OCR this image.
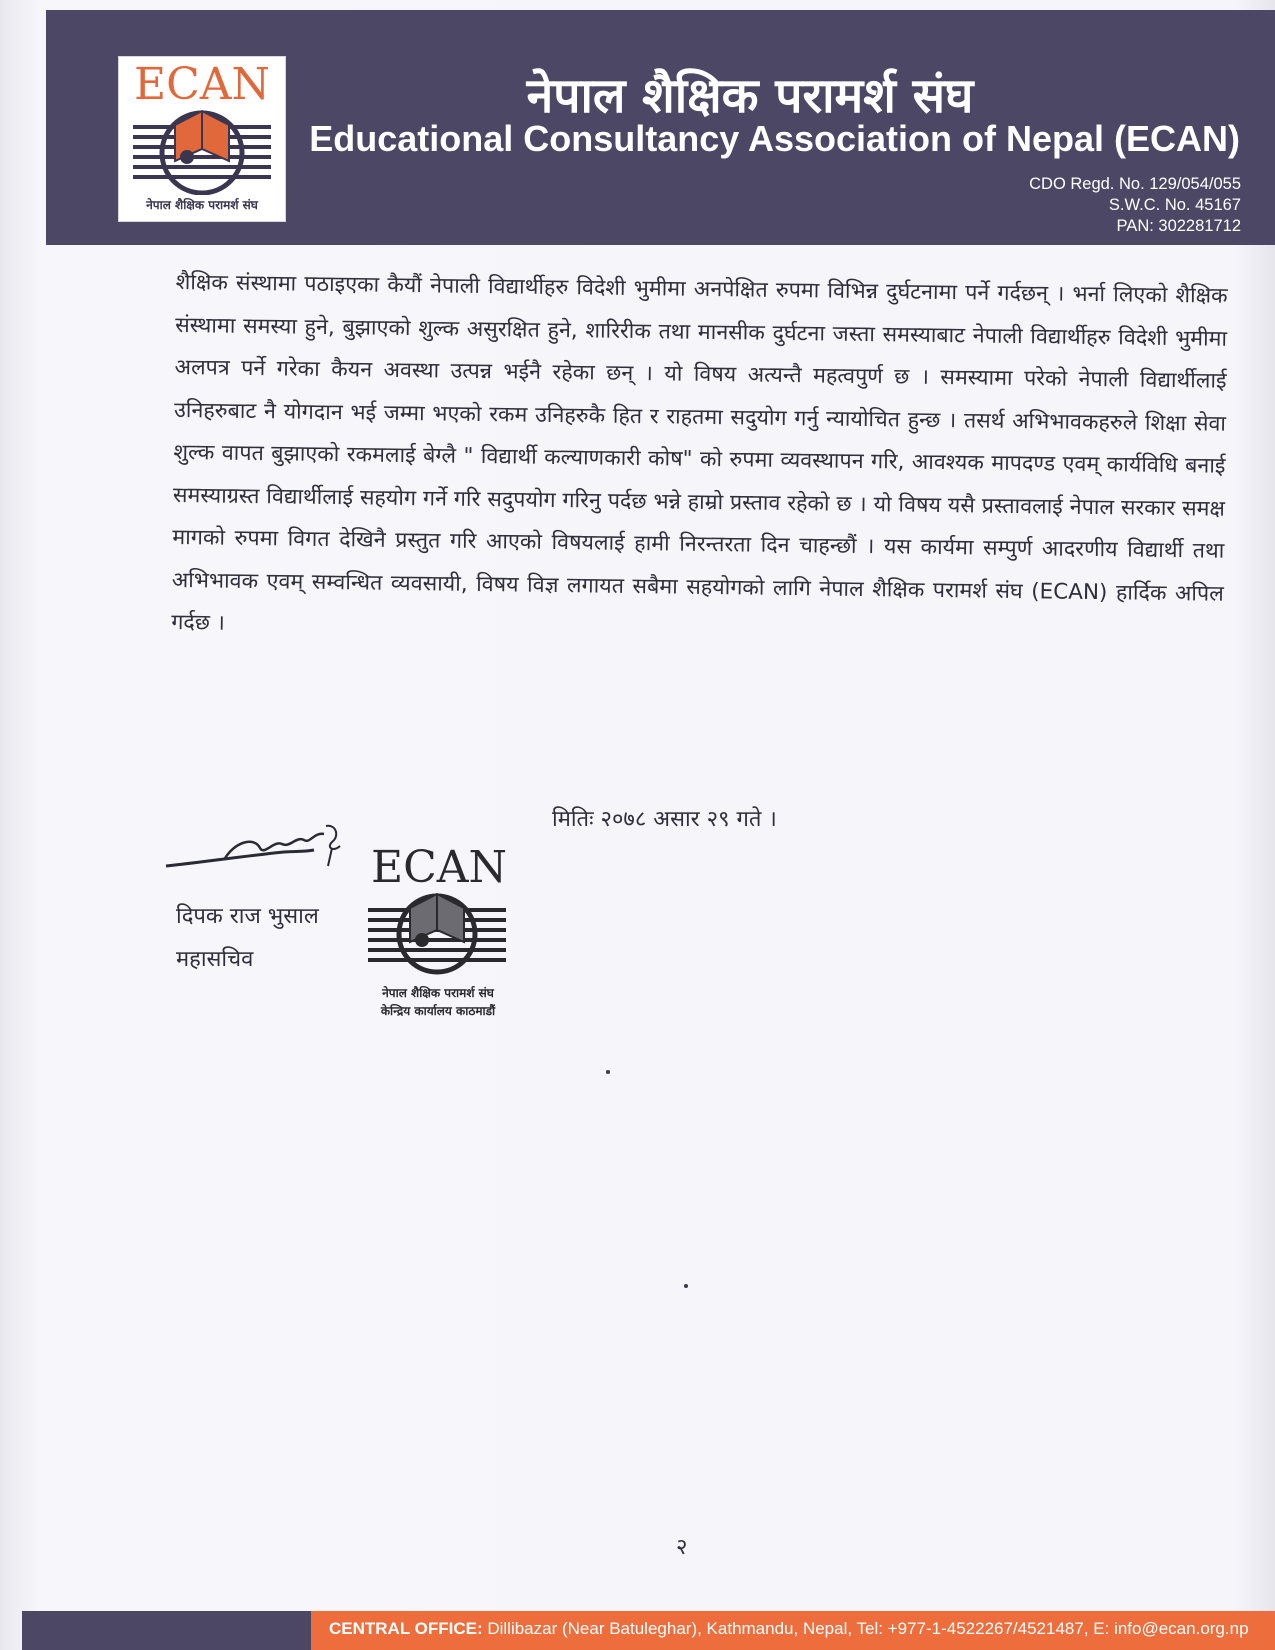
ECAN
नेपाल शैक्षिक परामर्श संघ
नेपाल शैक्षिक परामर्श संघ
Educational Consultancy Association of Nepal (ECAN)
CDO Regd. No. 129/054/055
S.W.C. No. 45167
PAN: 302281712
शैक्षिक संस्थामा पठाइएका कैयौं नेपाली विद्यार्थीहरु विदेशी भुमीमा अनपेक्षित रुपमा विभिन्न दुर्घटनामा पर्ने गर्दछन् । भर्ना लिएको शैक्षिक संस्थामा समस्या हुने, बुझाएको शुल्क असुरक्षित हुने, शारिरीक तथा मानसीक दुर्घटना जस्ता समस्याबाट नेपाली विद्यार्थीहरु विदेशी भुमीमा अलपत्र पर्ने गरेका कैयन अवस्था उत्पन्न भईनै रहेका छन् । यो विषय अत्यन्तै महत्वपुर्ण छ । समस्यामा परेको नेपाली विद्यार्थीलाई उनिहरुबाट नै योगदान भई जम्मा भएको रकम उनिहरुकै हित र राहतमा सदुयोग गर्नु न्यायोचित हुन्छ । तसर्थ अभिभावकहरुले शिक्षा सेवा शुल्क वापत बुझाएको रकमलाई बेग्लै " विद्यार्थी कल्याणकारी कोष" को रुपमा व्यवस्थापन गरि, आवश्यक मापदण्ड एवम् कार्यविधि बनाई समस्याग्रस्त विद्यार्थीलाई सहयोग गर्ने गरि सदुपयोग गरिनु पर्दछ भन्ने हाम्रो प्रस्ताव रहेको छ । यो विषय यसै प्रस्तावलाई नेपाल सरकार समक्ष मागको रुपमा विगत देखिनै प्रस्तुत गरि आएको विषयलाई हामी निरन्तरता दिन चाहन्छौं । यस कार्यमा सम्पुर्ण आदरणीय विद्यार्थी तथा अभिभावक एवम् सम्वन्धित व्यवसायी, विषय विज्ञ लगायत सबैमा सहयोगको लागि नेपाल शैक्षिक परामर्श संघ (ECAN) हार्दिक अपिल गर्दछ ।
मितिः २०७८ असार २९ गते ।
दिपक राज भुसाल
महासचिव
ECAN
नेपाल शैक्षिक परामर्श संघ
केन्द्रिय कार्यालय काठमाडौं
२
CENTRAL OFFICE: Dillibazar (Near Batuleghar), Kathmandu, Nepal, Tel: +977-1-4522267/4521487, E: info@ecan.org.np
